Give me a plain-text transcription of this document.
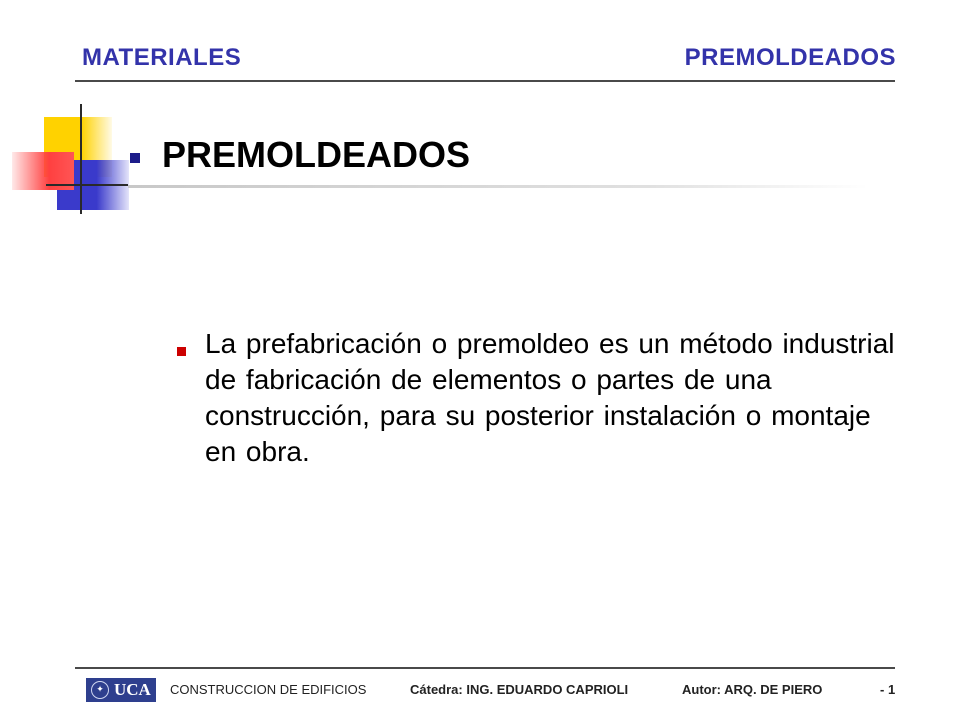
MATERIALES	PREMOLDEADOS
PREMOLDEADOS
La prefabricación o premoldeo es un método industrial de fabricación de elementos o partes de una construcción, para su posterior instalación o montaje en obra.
✦ UCA CONSTRUCCION DE EDIFICIOS	Cátedra: ING. EDUARDO CAPRIOLI	Autor: ARQ. DE PIERO	- 1
